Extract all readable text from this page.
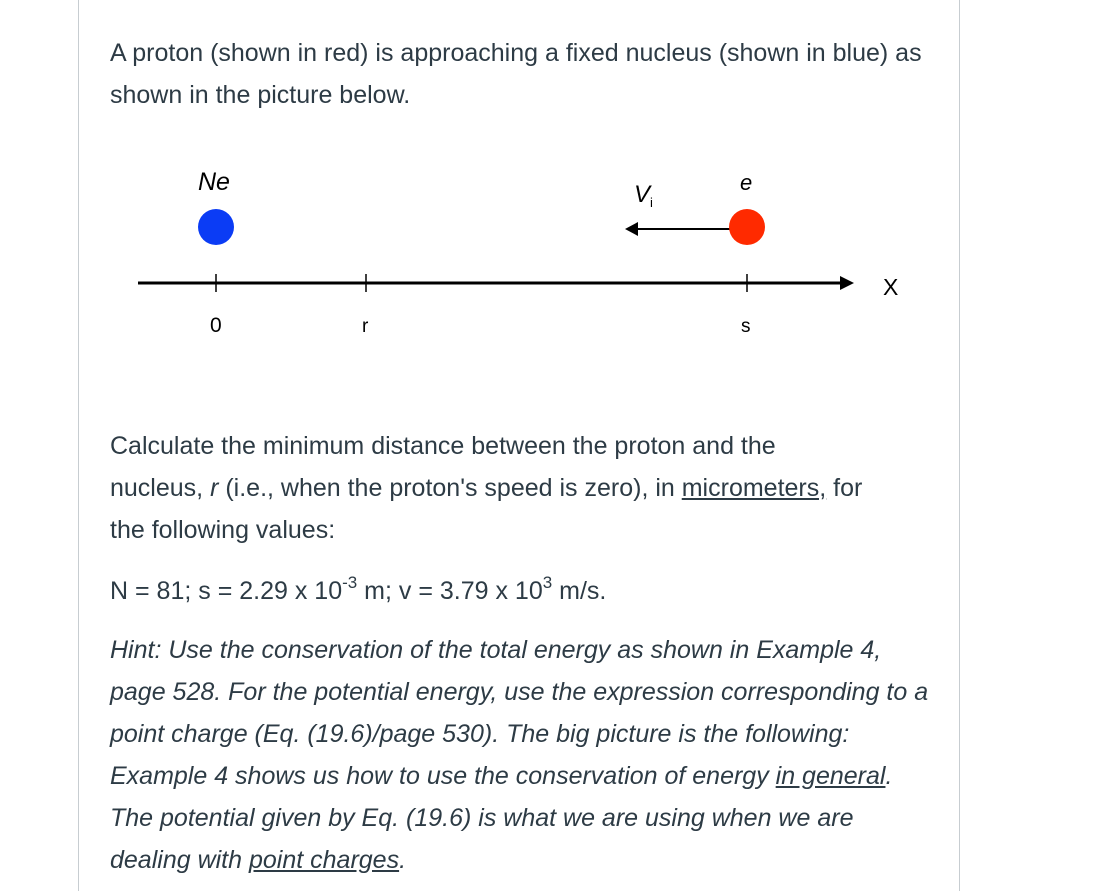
A proton (shown in red) is approaching a fixed nucleus (shown in blue) as shown in the picture below.

Ne	V i
e
X
0	r	s

Calculate the minimum distance between the proton and the
nucleus, r (i.e., when the proton's speed is zero), in micrometers, for
the following values:

N = 81; s = 2.29 x $10^{-3}$ m; v = 3.79 x $10^3$ m/s.

Hint: Use the conservation of the total energy as shown in Example 4, page 528. For the potential energy, use the expression corresponding to a point charge (Eq. (19.6)/page 530). The big picture is the following: Example 4 shows us how to use the conservation of energy in general. The potential given by Eq. (19.6) is what we are using when we are dealing with point charges.
